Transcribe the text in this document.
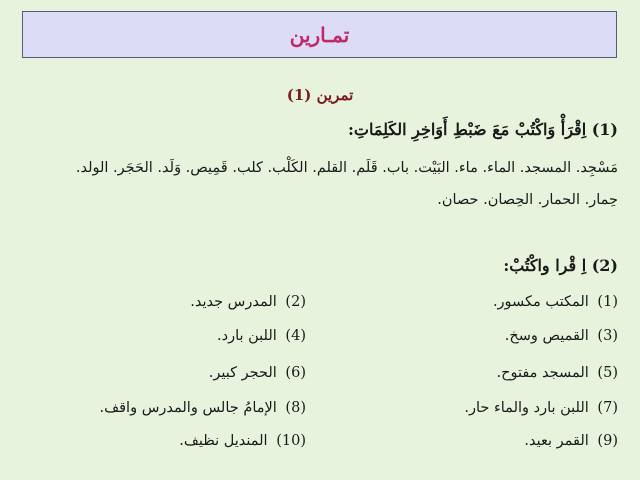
تمـارين
تمرين (1)
(1) اِقْرَأْ وَاكْتُبْ مَعَ ضَبْطِ أَوَاخِرِ الكَلِمَاتِ:
مَسْجِد. المسجد. الماء. ماء. البَيْت. باب. قَلَم. القلم. الكَلْب. كلب. قَمِيص. وَلَد. الحَجَر. الولد.
حِمار. الحمار. الحِصان. حصان.
(2) اِ قْرا واكْتُبْ:
(1) المكتب مكسور.
(2) المدرس جديد.
(3) القميص وسخ.
(4) اللبن بارد.
(5) المسجد مفتوح.
(6) الحجر كبير.
(7) اللبن بارد والماء حار.
(8) الإمامُ جالس والمدرس واقف.
(9) القمر بعيد.
(10) المنديل نظيف.
